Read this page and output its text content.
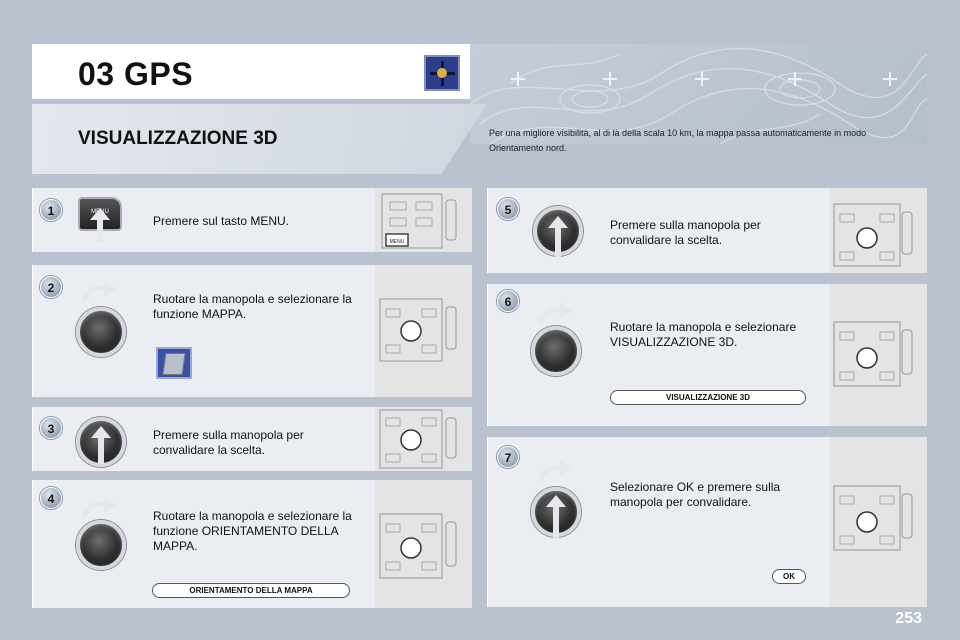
03 GPS
VISUALIZZAZIONE 3D	Per una migliore visibilità, al di là della scala 10 km, la mappa passa automaticamente in modo Orientamento nord.
MENU
1	MENU
Premere sul tasto MENU.
2
Ruotare la manopola e selezionare la funzione MAPPA.
3	Premere sulla manopola per convalidare la scelta.
4
Ruotare la manopola e selezionare la funzione ORIENTAMENTO DELLA MAPPA.
ORIENTAMENTO DELLA MAPPA
5
Premere sulla manopola per convalidare la scelta.
6
Ruotare la manopola e selezionare VISUALIZZAZIONE 3D.
VISUALIZZAZIONE 3D
7
Selezionare OK e premere sulla manopola per convalidare.
OK
253
